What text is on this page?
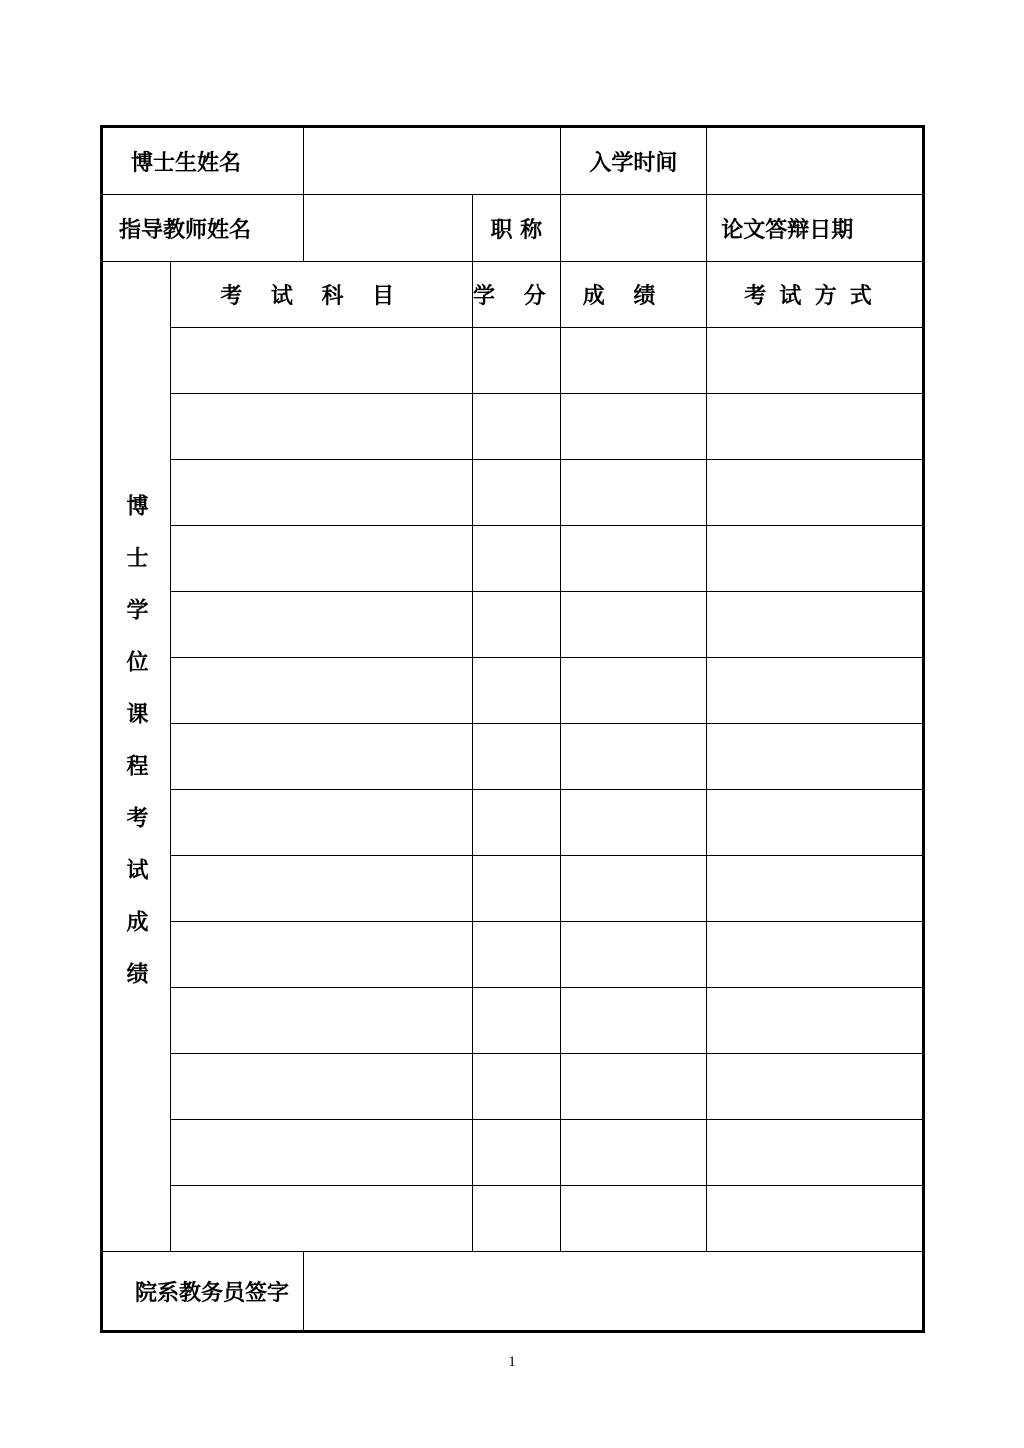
博士生姓名				入学时间	
指导教师姓名			职 称		论文答辩日期
博士学位课程考试成绩	考试科目		学分	成绩	考试方式

院系教务员签字					
1
